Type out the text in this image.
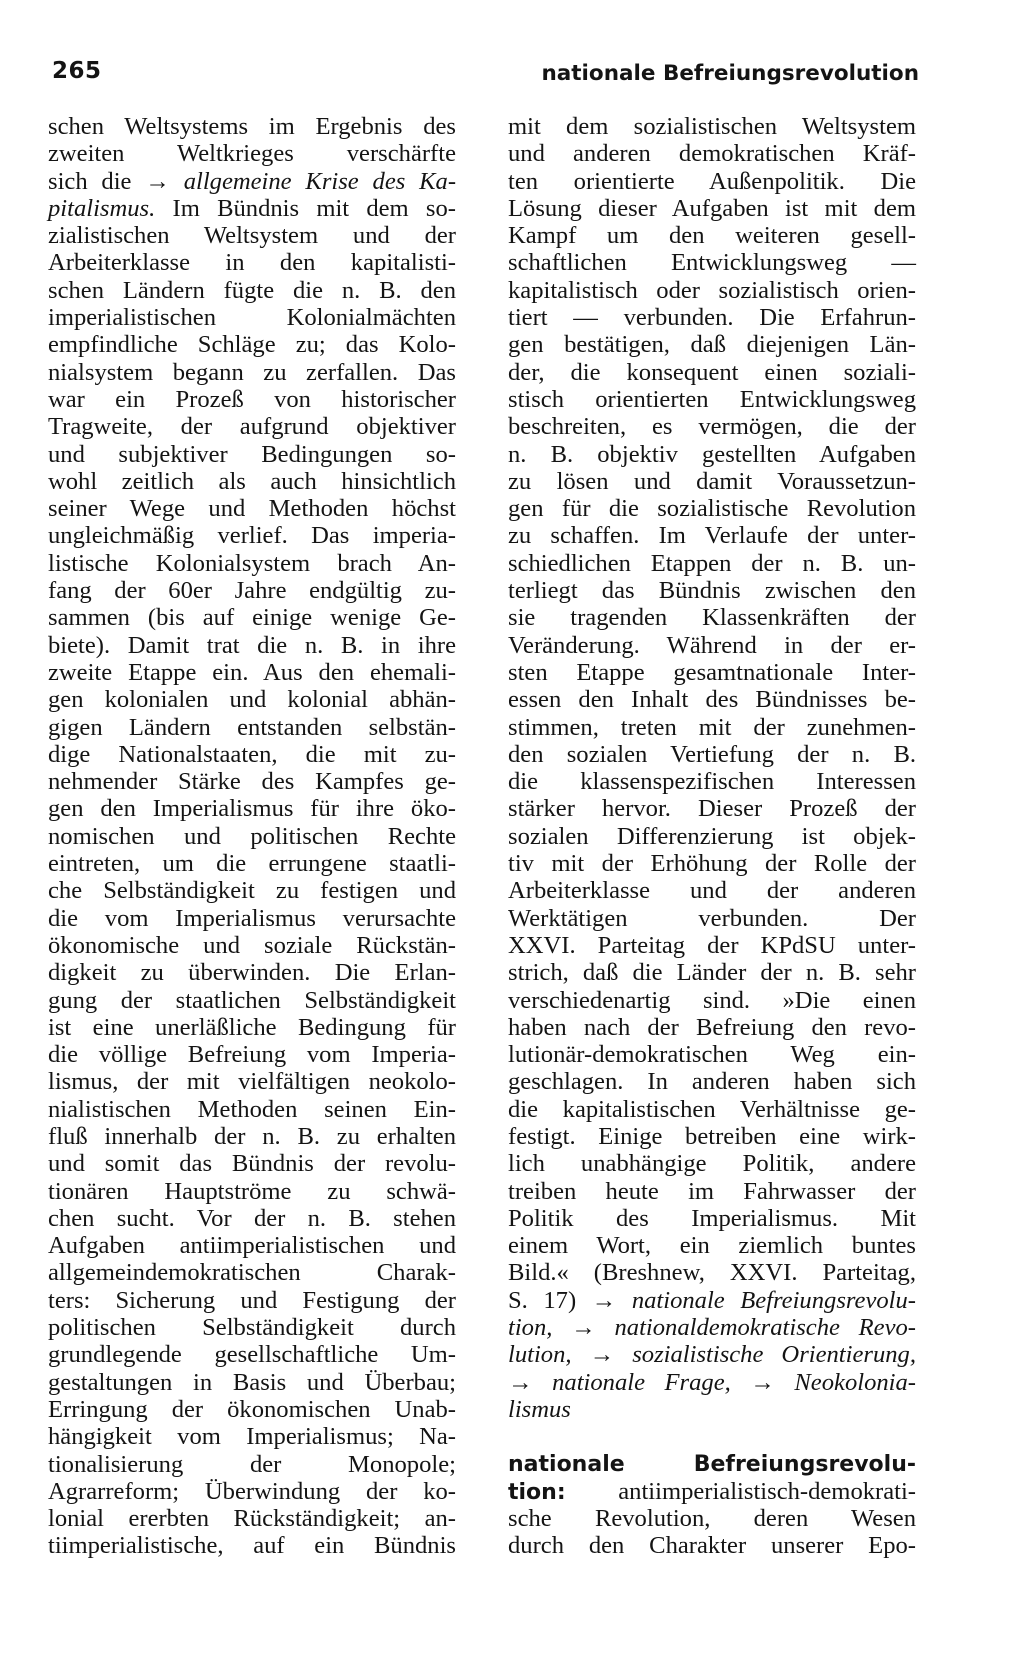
265	nationale Befreiungsrevolution
schen Weltsystems im Ergebnis des
zweiten Weltkrieges verschärfte
sich die → allgemeine Krise des Ka-
pitalismus. Im Bündnis mit dem so-
zialistischen Weltsystem und der
Arbeiterklasse in den kapitalisti-
schen Ländern fügte die n. B. den
imperialistischen Kolonialmächten
empfindliche Schläge zu; das Kolo-
nialsystem begann zu zerfallen. Das
war ein Prozeß von historischer
Tragweite, der aufgrund objektiver
und subjektiver Bedingungen so-
wohl zeitlich als auch hinsichtlich
seiner Wege und Methoden höchst
ungleichmäßig verlief. Das imperia-
listische Kolonialsystem brach An-
fang der 60er Jahre endgültig zu-
sammen (bis auf einige wenige Ge-
biete). Damit trat die n. B. in ihre
zweite Etappe ein. Aus den ehemali-
gen kolonialen und kolonial abhän-
gigen Ländern entstanden selbstän-
dige Nationalstaaten, die mit zu-
nehmender Stärke des Kampfes ge-
gen den Imperialismus für ihre öko-
nomischen und politischen Rechte
eintreten, um die errungene staatli-
che Selbständigkeit zu festigen und
die vom Imperialismus verursachte
ökonomische und soziale Rückstän-
digkeit zu überwinden. Die Erlan-
gung der staatlichen Selbständigkeit
ist eine unerläßliche Bedingung für
die völlige Befreiung vom Imperia-
lismus, der mit vielfältigen neokolo-
nialistischen Methoden seinen Ein-
fluß innerhalb der n. B. zu erhalten
und somit das Bündnis der revolu-
tionären Hauptströme zu schwä-
chen sucht. Vor der n. B. stehen
Aufgaben antiimperialistischen und
allgemeindemokratischen Charak-
ters: Sicherung und Festigung der
politischen Selbständigkeit durch
grundlegende gesellschaftliche Um-
gestaltungen in Basis und Überbau;
Erringung der ökonomischen Unab-
hängigkeit vom Imperialismus; Na-
tionalisierung der Monopole;
Agrarreform; Überwindung der ko-
lonial ererbten Rückständigkeit; an-
tiimperialistische, auf ein Bündnis
mit dem sozialistischen Weltsystem
und anderen demokratischen Kräf-
ten orientierte Außenpolitik. Die
Lösung dieser Aufgaben ist mit dem
Kampf um den weiteren gesell-
schaftlichen Entwicklungsweg —
kapitalistisch oder sozialistisch orien-
tiert — verbunden. Die Erfahrun-
gen bestätigen, daß diejenigen Län-
der, die konsequent einen soziali-
stisch orientierten Entwicklungsweg
beschreiten, es vermögen, die der
n. B. objektiv gestellten Aufgaben
zu lösen und damit Voraussetzun-
gen für die sozialistische Revolution
zu schaffen. Im Verlaufe der unter-
schiedlichen Etappen der n. B. un-
terliegt das Bündnis zwischen den
sie tragenden Klassenkräften der
Veränderung. Während in der er-
sten Etappe gesamtnationale Inter-
essen den Inhalt des Bündnisses be-
stimmen, treten mit der zunehmen-
den sozialen Vertiefung der n. B.
die klassenspezifischen Interessen
stärker hervor. Dieser Prozeß der
sozialen Differenzierung ist objek-
tiv mit der Erhöhung der Rolle der
Arbeiterklasse und der anderen
Werktätigen verbunden. Der
XXVI. Parteitag der KPdSU unter-
strich, daß die Länder der n. B. sehr
verschiedenartig sind. »Die einen
haben nach der Befreiung den revo-
lutionär-demokratischen Weg ein-
geschlagen. In anderen haben sich
die kapitalistischen Verhältnisse ge-
festigt. Einige betreiben eine wirk-
lich unabhängige Politik, andere
treiben heute im Fahrwasser der
Politik des Imperialismus. Mit
einem Wort, ein ziemlich buntes
Bild.« (Breshnew, XXVI. Parteitag,
S. 17) → nationale Befreiungsrevolu-
tion, → nationaldemokratische Revo-
lution, → sozialistische Orientierung,
→ nationale Frage, → Neokolonia-
lismus
nationale Befreiungsrevolu-
tion: antiimperialistisch-demokrati-
sche Revolution, deren Wesen
durch den Charakter unserer Epo-
